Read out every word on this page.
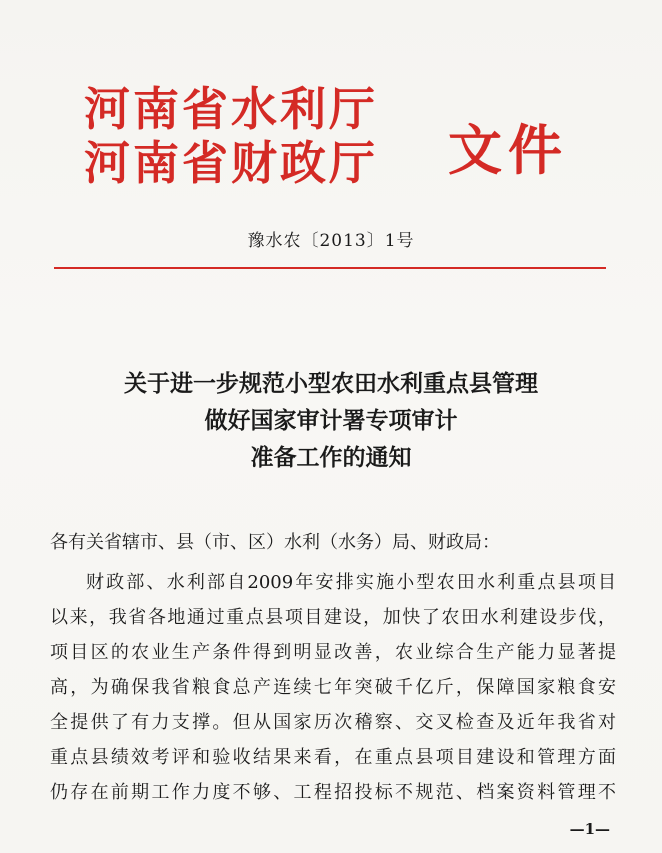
河南省水利厅
河南省财政厅 文件
豫水农〔2013〕1号
关于进一步规范小型农田水利重点县管理
做好国家审计署专项审计
准备工作的通知
各有关省辖市、县（市、区）水利（水务）局、财政局：
财政部、水利部自2009年安排实施小型农田水利重点县项目
以来，我省各地通过重点县项目建设，加快了农田水利建设步伐，
项目区的农业生产条件得到明显改善，农业综合生产能力显著提
高，为确保我省粮食总产连续七年突破千亿斤，保障国家粮食安
全提供了有力支撑。但从国家历次稽察、交叉检查及近年我省对
重点县绩效考评和验收结果来看，在重点县项目建设和管理方面
仍存在前期工作力度不够、工程招投标不规范、档案资料管理不
—1—
